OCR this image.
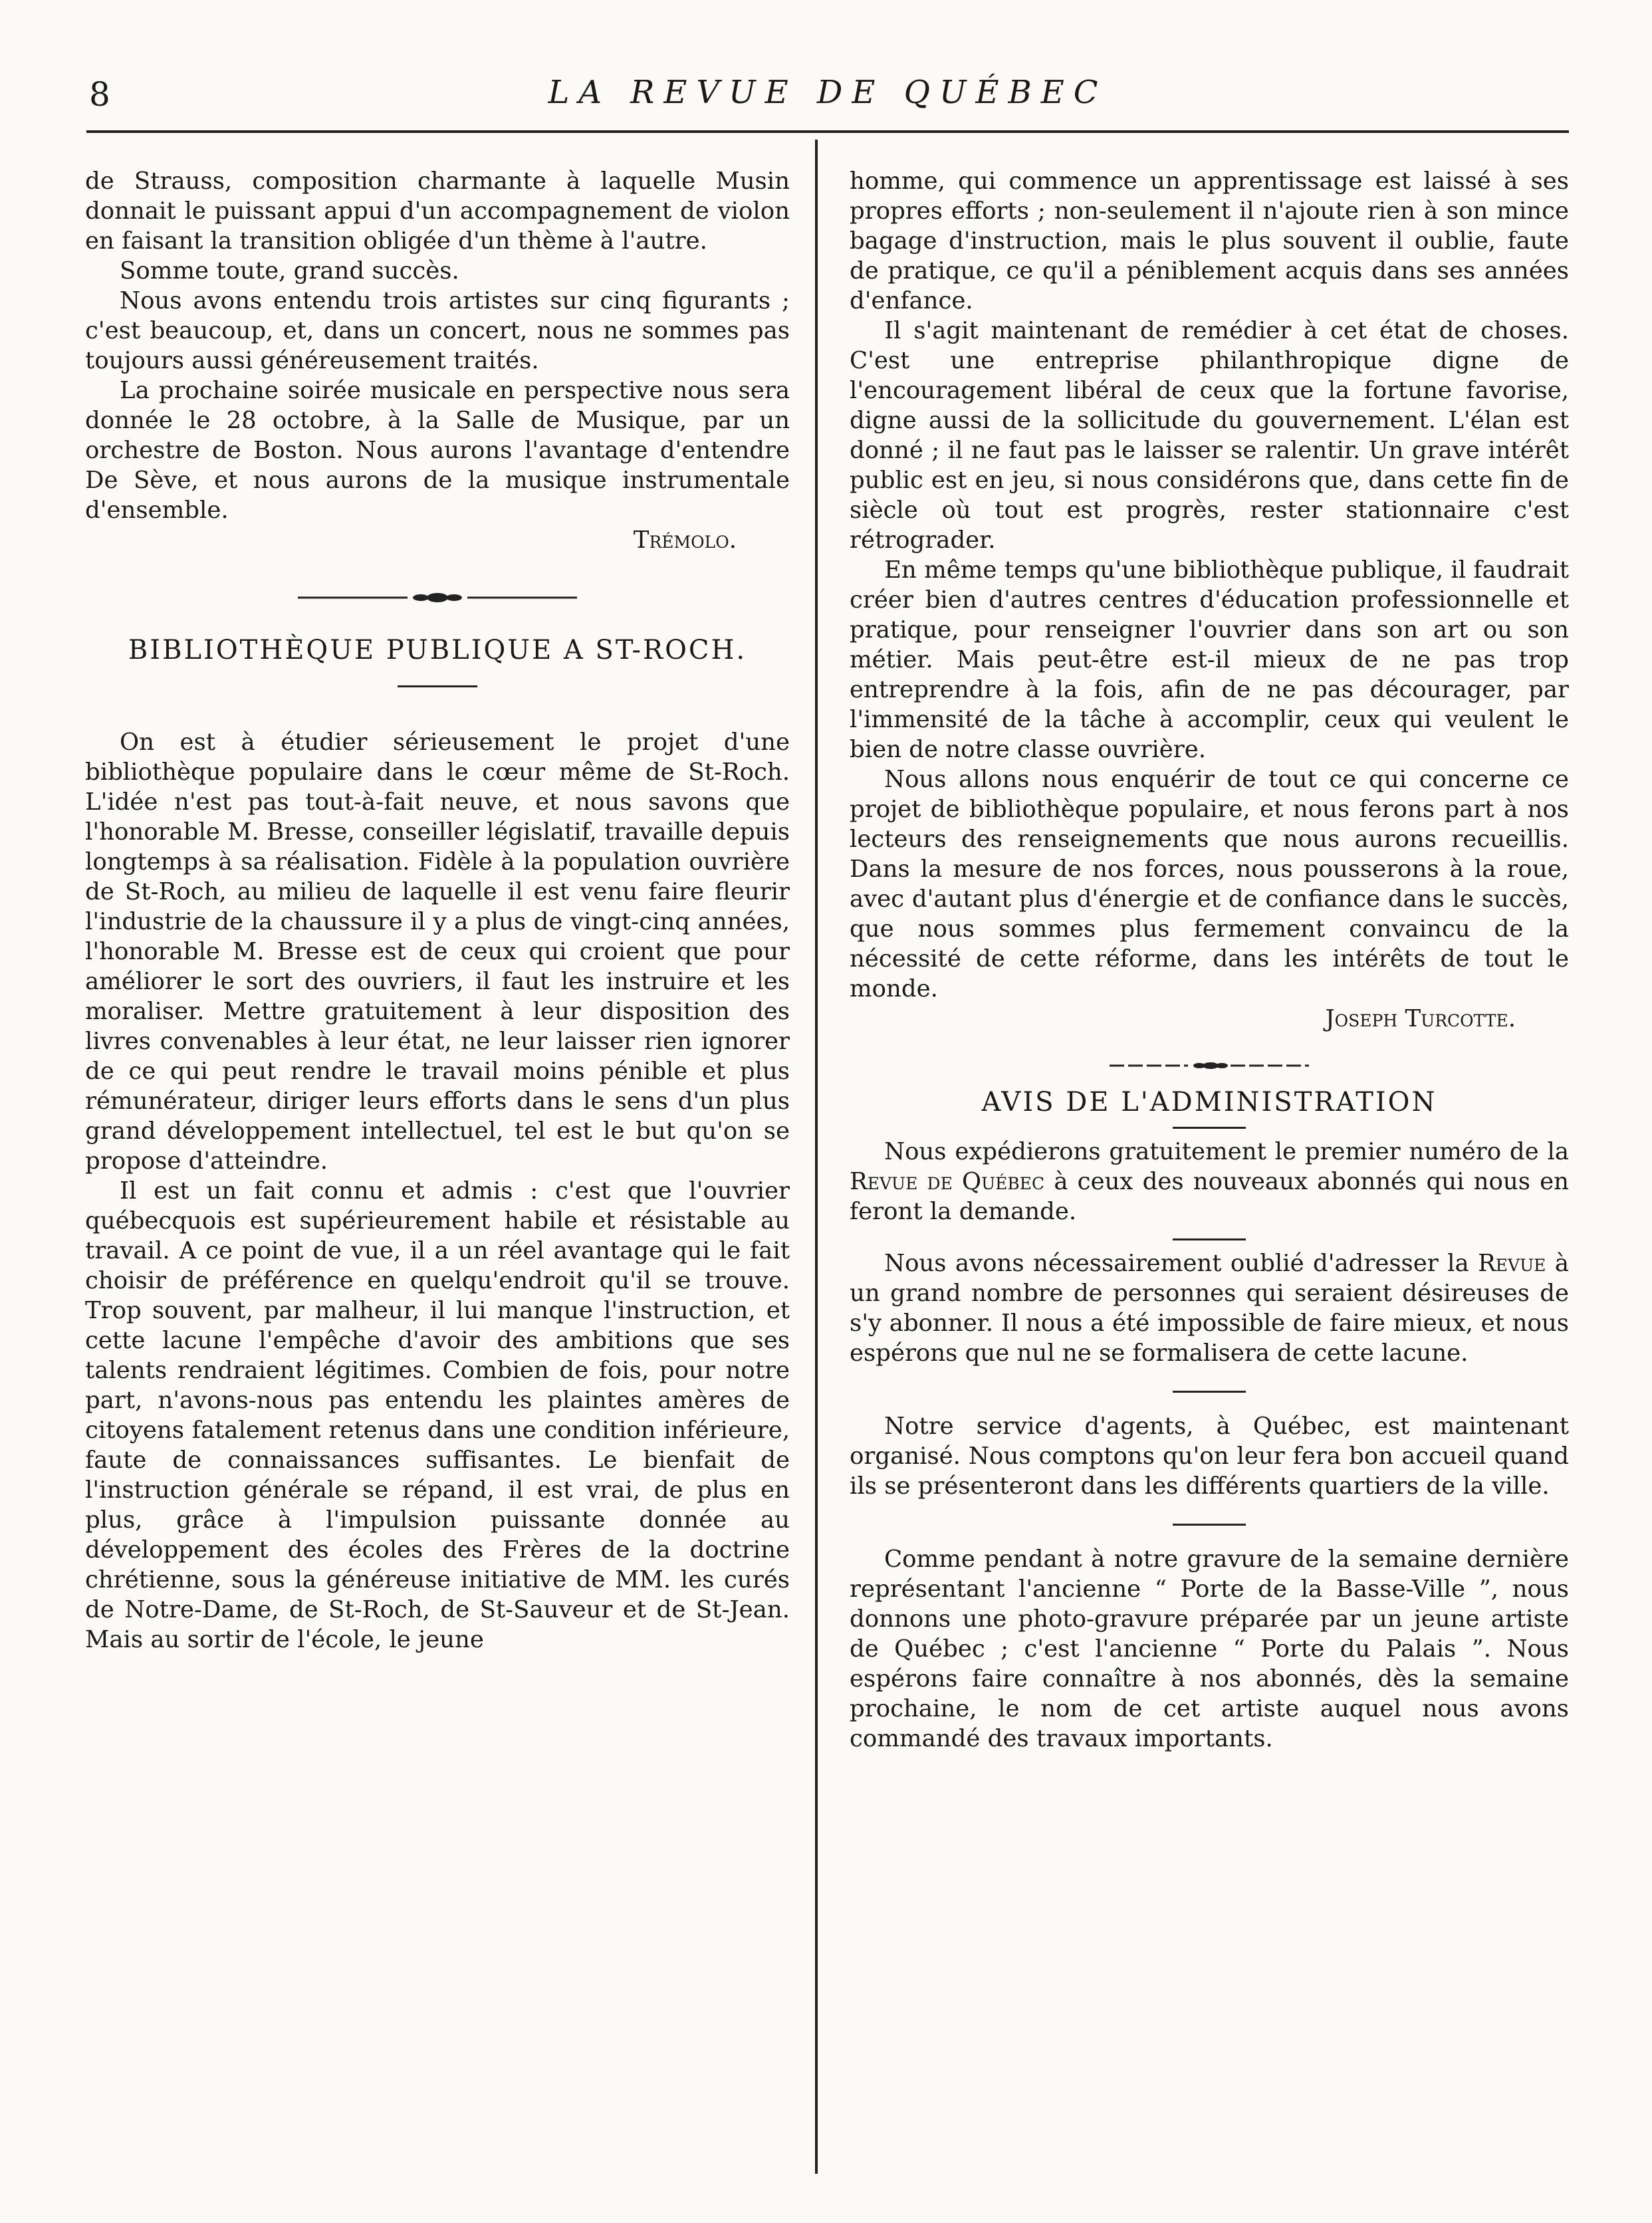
8	LA REVUE DE QUÉBEC

de Strauss, composition charmante à laquelle Musin donnait le puissant appui d'un accompagnement de violon en faisant la transition obligée d'un thème à l'autre.

Somme toute, grand succès.

Nous avons entendu trois artistes sur cinq figurants ; c'est beaucoup, et, dans un concert, nous ne sommes pas toujours aussi généreusement traités.

La prochaine soirée musicale en perspective nous sera donnée le 28 octobre, à la Salle de Musique, par un orchestre de Boston. Nous aurons l'avantage d'entendre De Sève, et nous aurons de la musique instrumentale d'ensemble.

Trémolo.

BIBLIOTHÈQUE PUBLIQUE A ST-ROCH.

On est à étudier sérieusement le projet d'une bibliothèque populaire dans le cœur même de St-Roch. L'idée n'est pas tout-à-fait neuve, et nous savons que l'honorable M. Bresse, conseiller législatif, travaille depuis longtemps à sa réalisation. Fidèle à la population ouvrière de St-Roch, au milieu de laquelle il est venu faire fleurir l'industrie de la chaussure il y a plus de vingt-cinq années, l'honorable M. Bresse est de ceux qui croient que pour améliorer le sort des ouvriers, il faut les instruire et les moraliser. Mettre gratuitement à leur disposition des livres convenables à leur état, ne leur laisser rien ignorer de ce qui peut rendre le travail moins pénible et plus rémunérateur, diriger leurs efforts dans le sens d'un plus grand développement intellectuel, tel est le but qu'on se propose d'atteindre.

Il est un fait connu et admis : c'est que l'ouvrier québecquois est supérieurement habile et résistable au travail. A ce point de vue, il a un réel avantage qui le fait choisir de préférence en quelqu'endroit qu'il se trouve. Trop souvent, par malheur, il lui manque l'instruction, et cette lacune l'empêche d'avoir des ambitions que ses talents rendraient légitimes. Combien de fois, pour notre part, n'avons-nous pas entendu les plaintes amères de citoyens fatalement retenus dans une condition inférieure, faute de connaissances suffisantes. Le bienfait de l'instruction générale se répand, il est vrai, de plus en plus, grâce à l'impulsion puissante donnée au développement des écoles des Frères de la doctrine chrétienne, sous la généreuse initiative de MM. les curés de Notre-Dame, de St-Roch, de St-Sauveur et de St-Jean. Mais au sortir de l'école, le jeune

homme, qui commence un apprentissage est laissé à ses propres efforts ; non-seulement il n'ajoute rien à son mince bagage d'instruction, mais le plus souvent il oublie, faute de pratique, ce qu'il a péniblement acquis dans ses années d'enfance.

Il s'agit maintenant de remédier à cet état de choses. C'est une entreprise philanthropique digne de l'encouragement libéral de ceux que la fortune favorise, digne aussi de la sollicitude du gouvernement. L'élan est donné ; il ne faut pas le laisser se ralentir. Un grave intérêt public est en jeu, si nous considérons que, dans cette fin de siècle où tout est progrès, rester stationnaire c'est rétrograder.

En même temps qu'une bibliothèque publique, il faudrait créer bien d'autres centres d'éducation professionnelle et pratique, pour renseigner l'ouvrier dans son art ou son métier. Mais peut-être est-il mieux de ne pas trop entreprendre à la fois, afin de ne pas décourager, par l'immensité de la tâche à accomplir, ceux qui veulent le bien de notre classe ouvrière.

Nous allons nous enquérir de tout ce qui concerne ce projet de bibliothèque populaire, et nous ferons part à nos lecteurs des renseignements que nous aurons recueillis. Dans la mesure de nos forces, nous pousserons à la roue, avec d'autant plus d'énergie et de confiance dans le succès, que nous sommes plus fermement convaincu de la nécessité de cette réforme, dans les intérêts de tout le monde.

Joseph Turcotte.

AVIS DE L'ADMINISTRATION

Nous expédierons gratuitement le premier numéro de la Revue de Québec à ceux des nouveaux abonnés qui nous en feront la demande.

Nous avons nécessairement oublié d'adresser la Revue à un grand nombre de personnes qui seraient désireuses de s'y abonner. Il nous a été impossible de faire mieux, et nous espérons que nul ne se formalisera de cette lacune.

Notre service d'agents, à Québec, est maintenant organisé. Nous comptons qu'on leur fera bon accueil quand ils se présenteront dans les différents quartiers de la ville.

Comme pendant à notre gravure de la semaine dernière représentant l'ancienne “ Porte de la Basse-Ville ”, nous donnons une photo-gravure préparée par un jeune artiste de Québec ; c'est l'ancienne “ Porte du Palais ”. Nous espérons faire connaître à nos abonnés, dès la semaine prochaine, le nom de cet artiste auquel nous avons commandé des travaux importants.
